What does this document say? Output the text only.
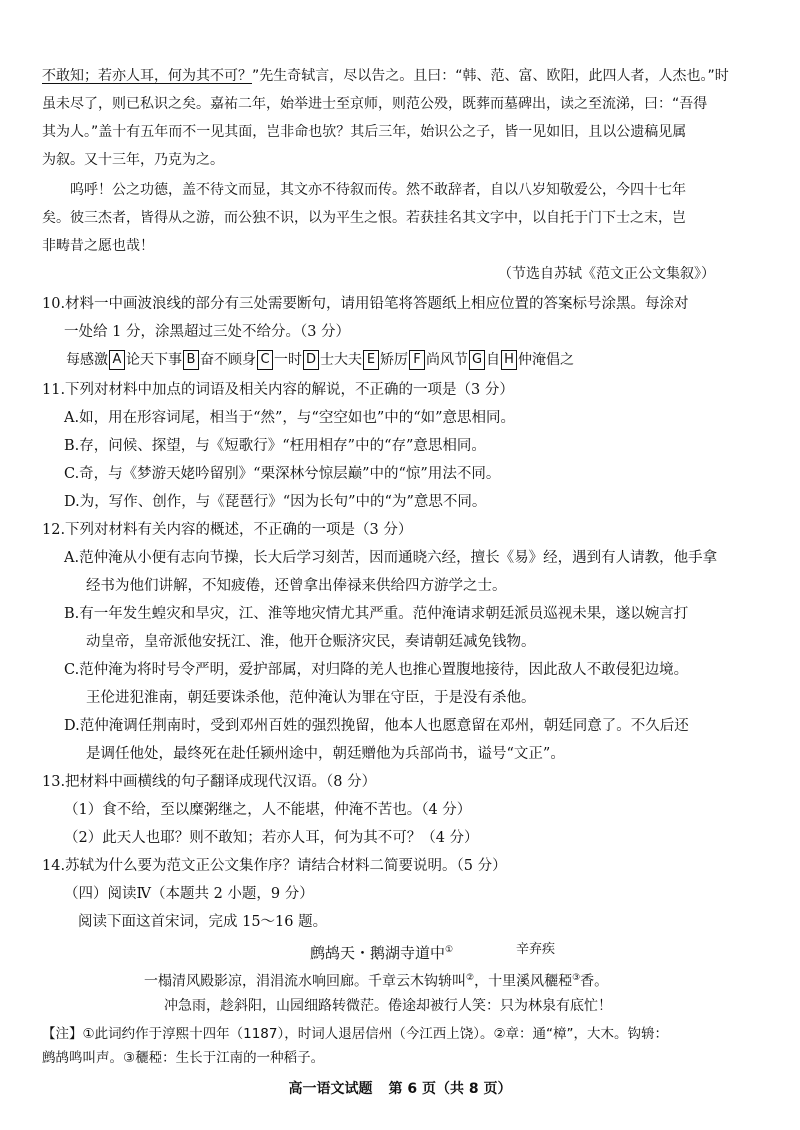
不敢知；若亦人耳，何为其不可？”先生奇轼言，尽以告之。且曰：“韩、范、富、欧阳，此四人者，人杰也。”时
虽未尽了，则已私识之矣。嘉祐二年，始举进士至京师，则范公殁，既葬而墓碑出，读之至流涕，曰：“吾得
其为人。”盖十有五年而不一见其面，岂非命也欤？其后三年，始识公之子，皆一见如旧，且以公遗稿见属
为叙。又十三年，乃克为之。
呜呼！公之功德，盖不待文而显，其文亦不待叙而传。然不敢辞者，自以八岁知敬爱公，今四十七年
矣。彼三杰者，皆得从之游，而公独不识，以为平生之恨。若获挂名其文字中，以自托于门下士之末，岂
非畴昔之愿也哉！
（节选自苏轼《范文正公文集叙》）
10.材料一中画波浪线的部分有三处需要断句，请用铅笔将答题纸上相应位置的答案标号涂黑。每涂对
一处给 1 分，涂黑超过三处不给分。（3 分）
每感激 A 论天下事 B 奋不顾身 C 一时 D 士大夫 E 矫厉 F 尚风节 G 自 H 仲淹倡之
11.下列对材料中加点的词语及相关内容的解说，不正确的一项是（3 分）
A.如，用在形容词尾，相当于“然”，与“空空如也”中的“如”意思相同。
B.存，问候、探望，与《短歌行》“枉用相存”中的“存”意思相同。
C.奇，与《梦游天姥吟留别》“栗深林兮惊层巅”中的“惊”用法不同。
D.为，写作、创作，与《琵琶行》“因为长句”中的“为”意思不同。
12.下列对材料有关内容的概述，不正确的一项是（3 分）
A.范仲淹从小便有志向节操，长大后学习刻苦，因而通晓六经，擅长《易》经，遇到有人请教，他手拿
经书为他们讲解，不知疲倦，还曾拿出俸禄来供给四方游学之士。
B.有一年发生蝗灾和旱灾，江、淮等地灾情尤其严重。范仲淹请求朝廷派员巡视未果，遂以婉言打
动皇帝，皇帝派他安抚江、淮，他开仓赈济灾民，奏请朝廷减免钱物。
C.范仲淹为将时号令严明，爱护部属，对归降的羌人也推心置腹地接待，因此敌人不敢侵犯边境。
王伦进犯淮南，朝廷要诛杀他，范仲淹认为罪在守臣，于是没有杀他。
D.范仲淹调任荆南时，受到邓州百姓的强烈挽留，他本人也愿意留在邓州，朝廷同意了。不久后还
是调任他处，最终死在赴任颍州途中，朝廷赠他为兵部尚书，谥号“文正”。
13.把材料中画横线的句子翻译成现代汉语。（8 分）
（1）食不给，至以糜粥继之，人不能堪，仲淹不苦也。（4 分）
（2）此天人也耶？则不敢知；若亦人耳，何为其不可？（4 分）
14.苏轼为什么要为范文正公文集作序？请结合材料二简要说明。（5 分）
（四）阅读Ⅳ（本题共 2 小题，9 分）
阅读下面这首宋词，完成 15～16 题。
鹧鸪天・鹅湖寺道中①	辛弃疾
一榻清风殿影凉，涓涓流水响回廊。千章云木钩辀叫②，十里溪风穲稏③香。
冲急雨，趁斜阳，山园细路转微茫。倦途却被行人笑：只为林泉有底忙！
【注】①此词约作于淳熙十四年（1187），时词人退居信州（今江西上饶）。②章：通“樟”，大木。钩辀：
鹧鸪鸣叫声。③穲稏：生长于江南的一种稻子。
高一语文试题 第 6 页（共 8 页）
